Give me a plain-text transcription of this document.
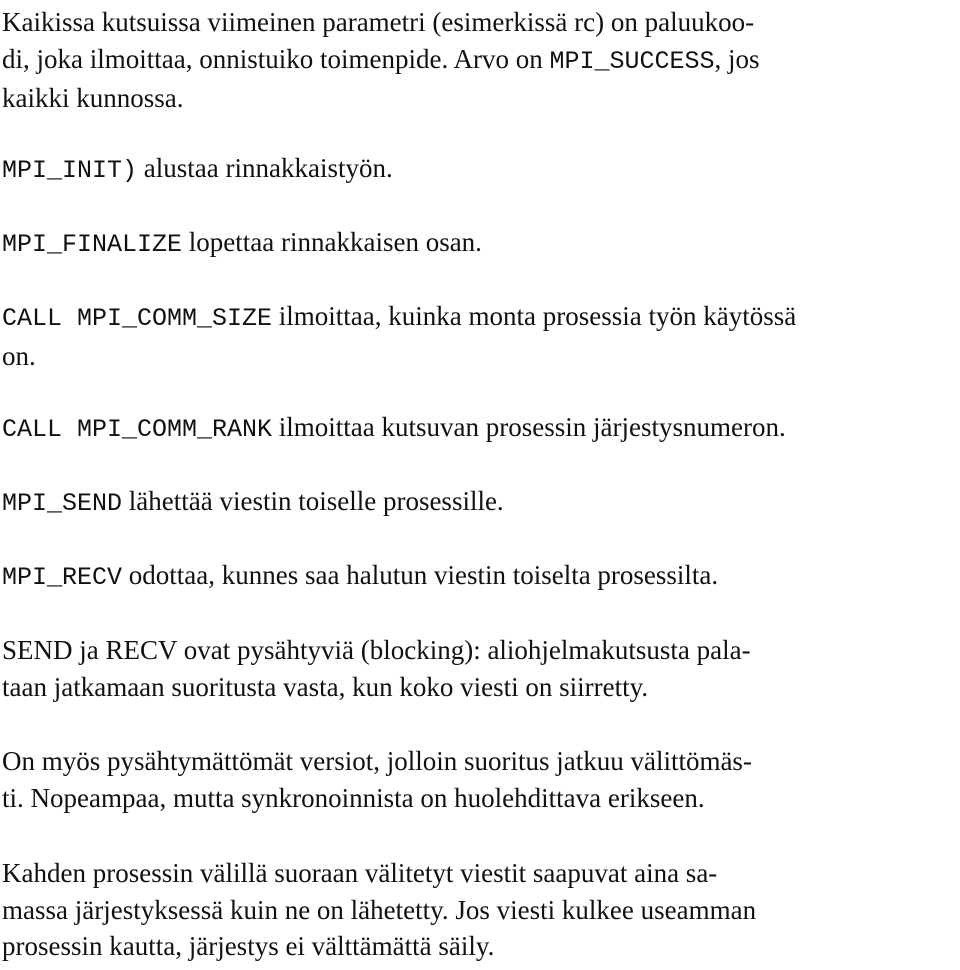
Kaikissa kutsuissa viimeinen parametri (esimerkissä rc) on paluukoo-
di, joka ilmoittaa, onnistuiko toimenpide. Arvo on MPI_SUCCESS, jos
kaikki kunnossa.

MPI_INIT) alustaa rinnakkaistyön.

MPI_FINALIZE lopettaa rinnakkaisen osan.

CALL MPI_COMM_SIZE ilmoittaa, kuinka monta prosessia työn käytössä
on.

CALL MPI_COMM_RANK ilmoittaa kutsuvan prosessin järjestysnumeron.

MPI_SEND lähettää viestin toiselle prosessille.

MPI_RECV odottaa, kunnes saa halutun viestin toiselta prosessilta.

SEND ja RECV ovat pysähtyviä (blocking): aliohjelmakutsusta pala-
taan jatkamaan suoritusta vasta, kun koko viesti on siirretty.

On myös pysähtymättömät versiot, jolloin suoritus jatkuu välittömäs-
ti. Nopeampaa, mutta synkronoinnista on huolehdittava erikseen.

Kahden prosessin välillä suoraan välitetyt viestit saapuvat aina sa-
massa järjestyksessä kuin ne on lähetetty. Jos viesti kulkee useamman
prosessin kautta, järjestys ei välttämättä säily.
